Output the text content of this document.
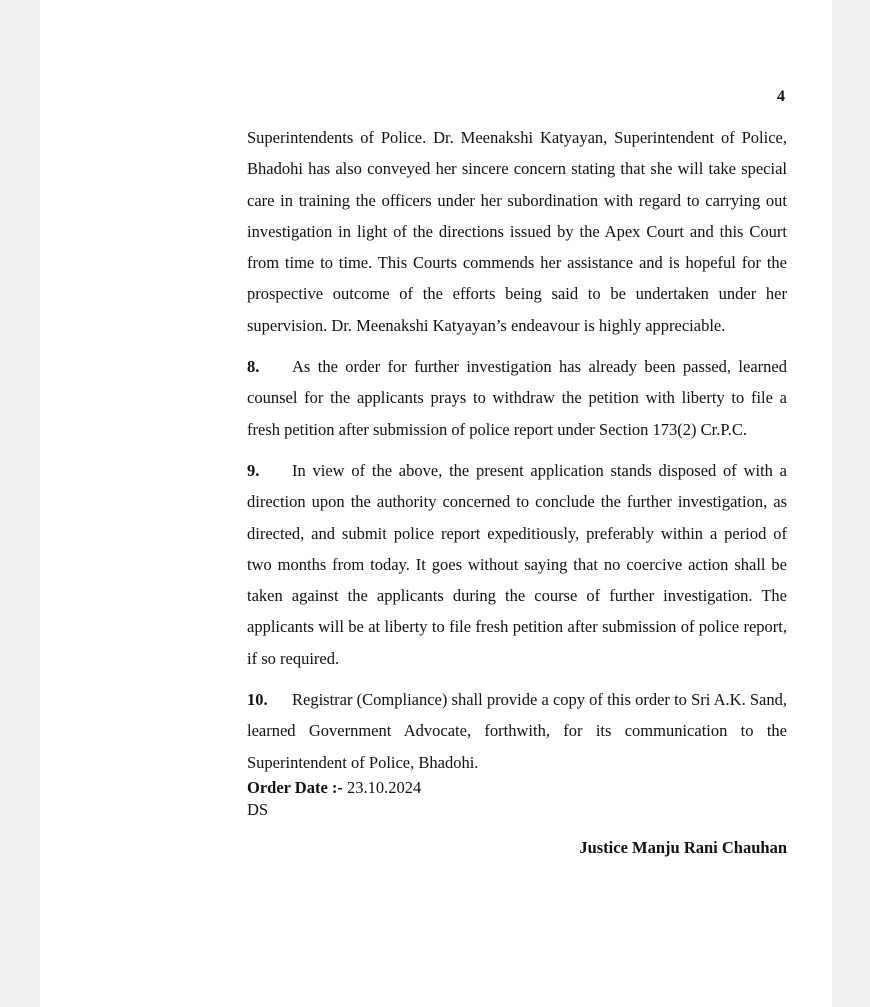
4

Superintendents of Police. Dr. Meenakshi Katyayan, Superintendent of Police, Bhadohi has also conveyed her sincere concern stating that she will take special care in training the officers under her subordination with regard to carrying out investigation in light of the directions issued by the Apex Court and this Court from time to time. This Courts commends her assistance and is hopeful for the prospective outcome of the efforts being said to be undertaken under her supervision. Dr. Meenakshi Katyayan’s endeavour is highly appreciable.

8. As the order for further investigation has already been passed, learned counsel for the applicants prays to withdraw the petition with liberty to file a fresh petition after submission of police report under Section 173(2) Cr.P.C.

9. In view of the above, the present application stands disposed of with a direction upon the authority concerned to conclude the further investigation, as directed, and submit police report expeditiously, preferably within a period of two months from today. It goes without saying that no coercive action shall be taken against the applicants during the course of further investigation. The applicants will be at liberty to file fresh petition after submission of police report, if so required.

10. Registrar (Compliance) shall provide a copy of this order to Sri A.K. Sand, learned Government Advocate, forthwith, for its communication to the Superintendent of Police, Bhadohi.

Order Date :- 23.10.2024
DS
Justice Manju Rani Chauhan
